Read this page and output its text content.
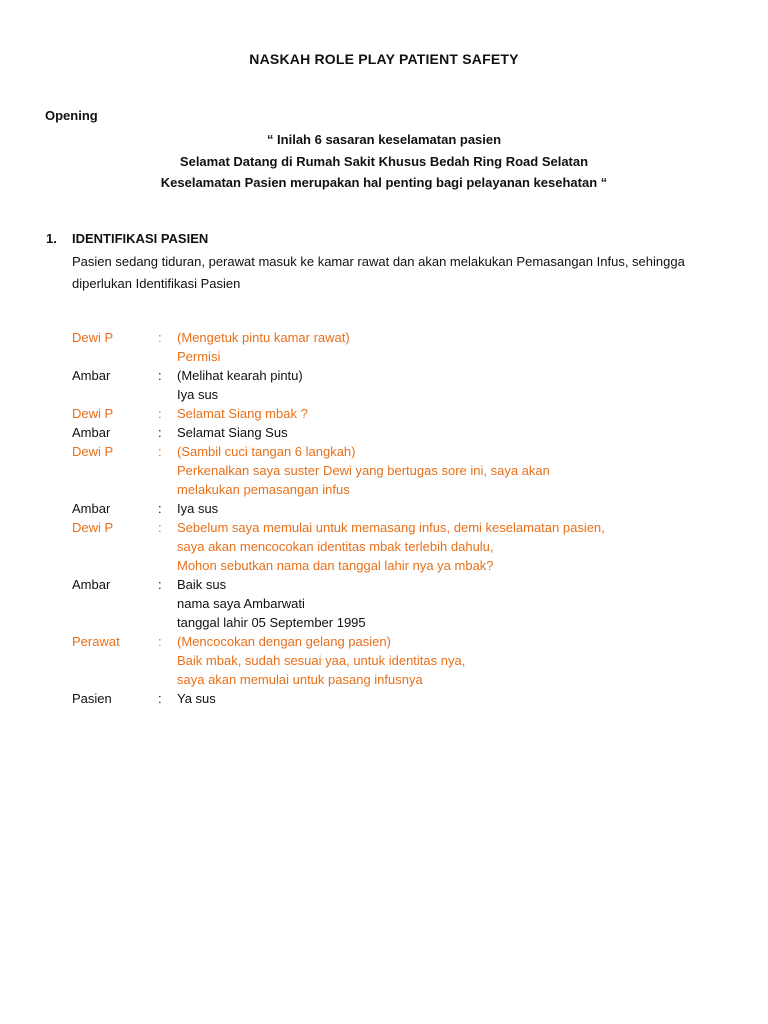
NASKAH ROLE PLAY PATIENT SAFETY
Opening
“ Inilah 6 sasaran keselamatan pasien
Selamat Datang di Rumah Sakit Khusus Bedah Ring Road Selatan
Keselamatan Pasien merupakan hal penting bagi pelayanan kesehatan “
1. IDENTIFIKASI PASIEN
Pasien sedang tiduran, perawat masuk ke kamar rawat dan akan melakukan Pemasangan Infus, sehingga diperlukan Identifikasi Pasien
Dewi P	:	(Mengetuk pintu kamar rawat)
Permisi
Ambar	:	(Melihat kearah pintu)
Iya sus
Dewi P	:	Selamat Siang mbak ?
Ambar	:	Selamat Siang Sus
Dewi P	:	(Sambil cuci tangan 6 langkah)
Perkenalkan saya suster Dewi yang bertugas sore ini, saya akan
melakukan pemasangan infus
Ambar	:	Iya sus
Dewi P	:	Sebelum saya memulai untuk memasang infus, demi keselamatan pasien,
saya akan mencocokan identitas mbak terlebih dahulu,
Mohon sebutkan nama dan tanggal lahir nya ya mbak?
Ambar	:	Baik sus
nama saya Ambarwati
tanggal lahir 05 September 1995
Perawat	:	(Mencocokan dengan gelang pasien)
Baik mbak, sudah sesuai yaa, untuk identitas nya,
saya akan memulai untuk pasang infusnya
Pasien	:	Ya sus
